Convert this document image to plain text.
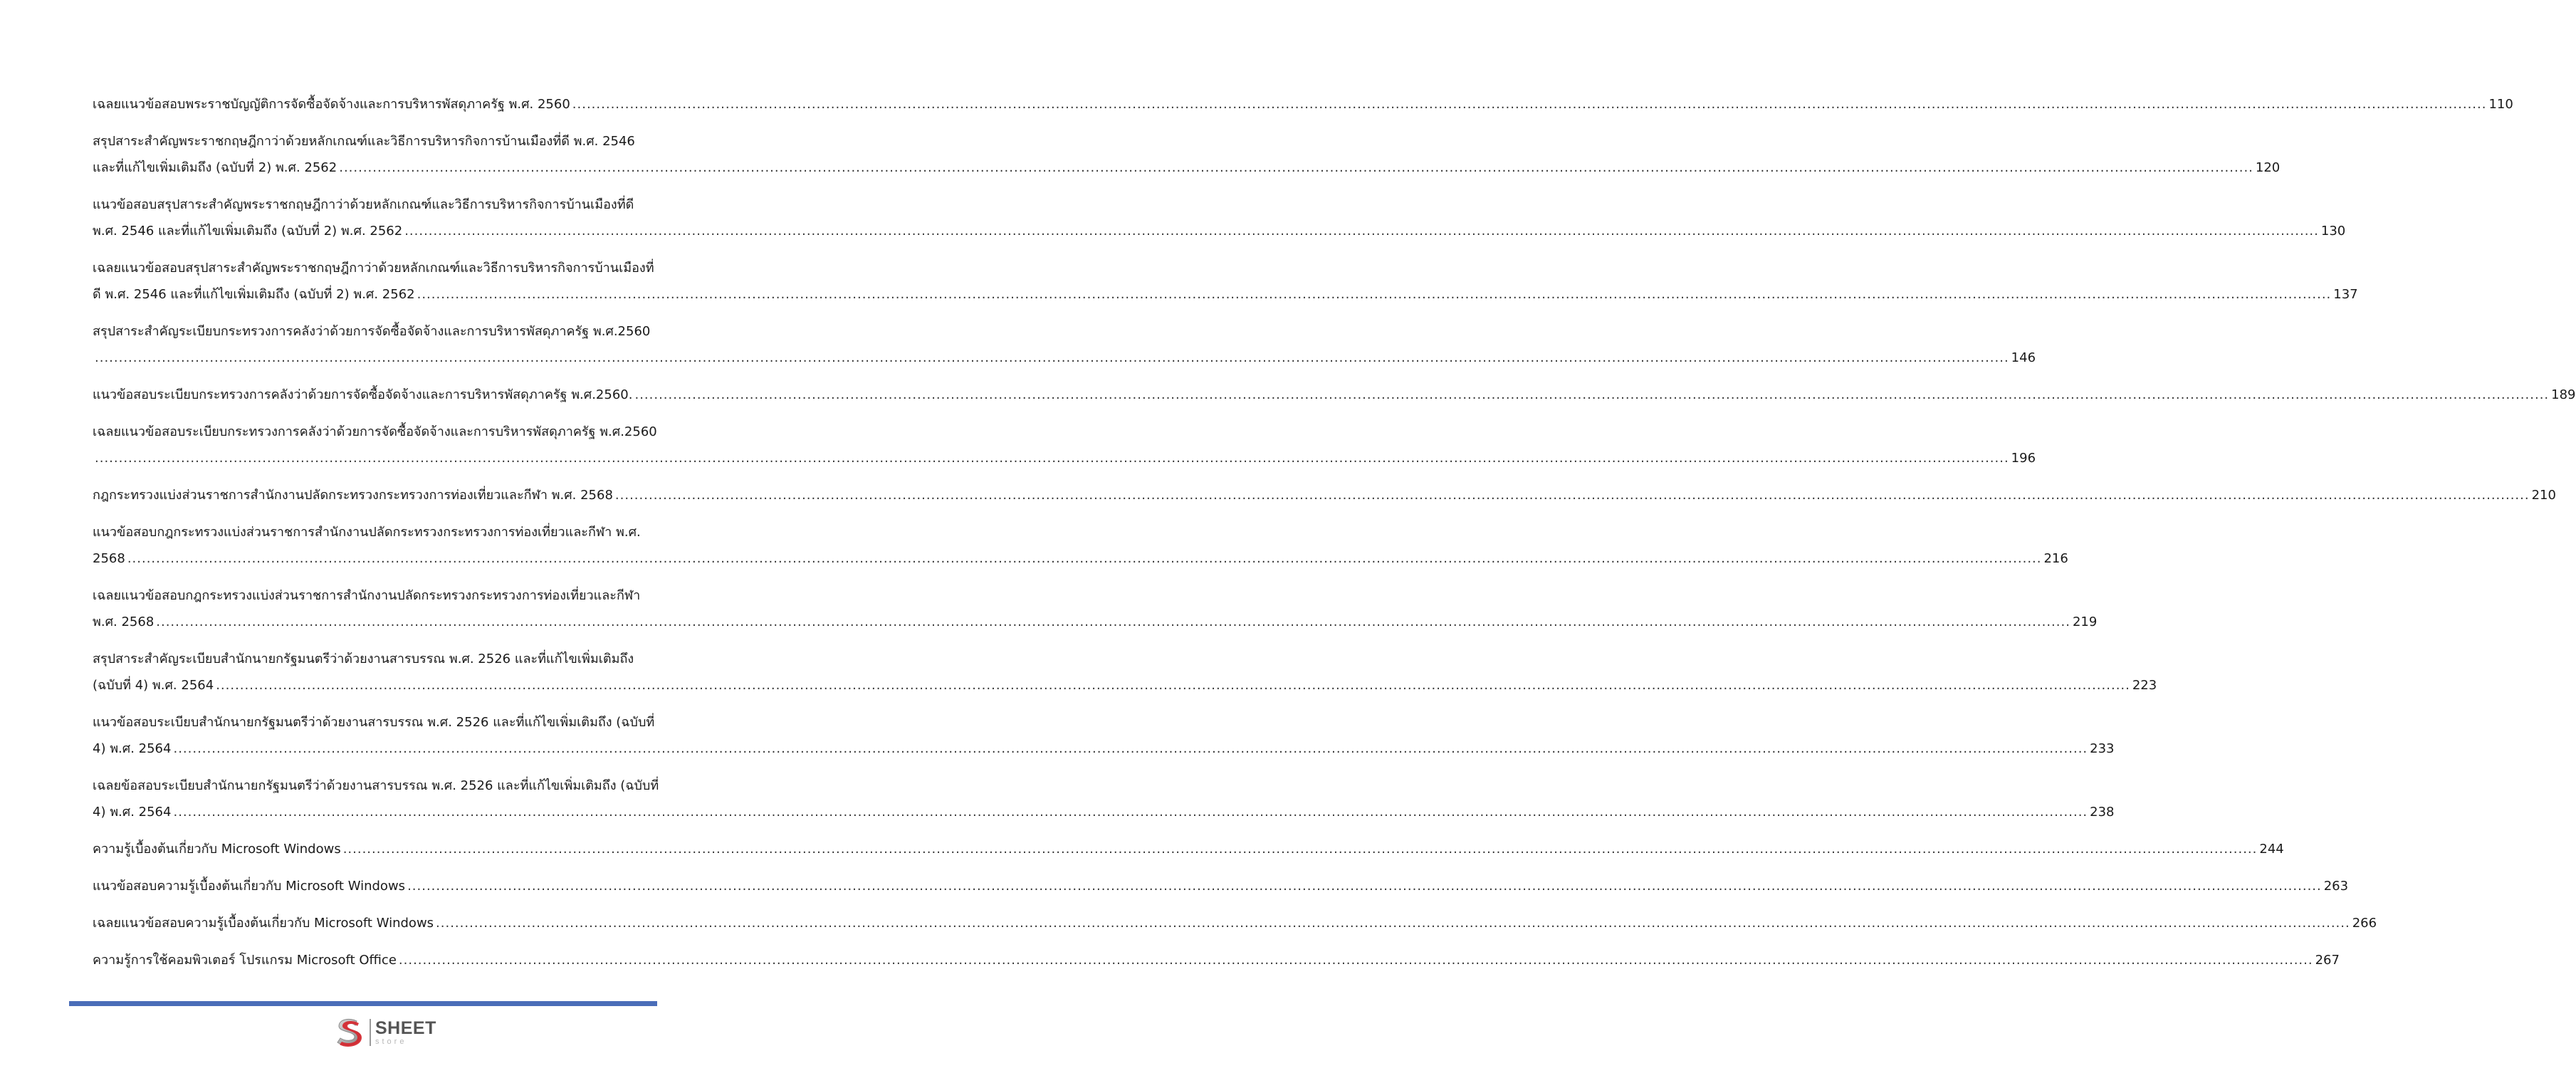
เฉลยแนวข้อสอบพระราชบัญญัติการจัดซื้อจัดจ้างและการบริหารพัสดุภาครัฐ พ.ศ. 2560 ................................................................................................................................................................................................................................................................................................................................................................................................................ 110
สรุปสาระสำคัญพระราชกฤษฎีกาว่าด้วยหลักเกณฑ์และวิธีการบริหารกิจการบ้านเมืองที่ดี พ.ศ. 2546
และที่แก้ไขเพิ่มเติมถึง (ฉบับที่ 2) พ.ศ. 2562 ................................................................................................................................................................................................................................................................................................................................................................................................................ 120
แนวข้อสอบสรุปสาระสำคัญพระราชกฤษฎีกาว่าด้วยหลักเกณฑ์และวิธีการบริหารกิจการบ้านเมืองที่ดี
พ.ศ. 2546 และที่แก้ไขเพิ่มเติมถึง (ฉบับที่ 2) พ.ศ. 2562 ................................................................................................................................................................................................................................................................................................................................................................................................................ 130
เฉลยแนวข้อสอบสรุปสาระสำคัญพระราชกฤษฎีกาว่าด้วยหลักเกณฑ์และวิธีการบริหารกิจการบ้านเมืองที่
ดี พ.ศ. 2546 และที่แก้ไขเพิ่มเติมถึง (ฉบับที่ 2) พ.ศ. 2562 ................................................................................................................................................................................................................................................................................................................................................................................................................ 137
สรุปสาระสำคัญระเบียบกระทรวงการคลังว่าด้วยการจัดซื้อจัดจ้างและการบริหารพัสดุภาครัฐ พ.ศ.2560
................................................................................................................................................................................................................................................................................................................................................................................................................ 146
แนวข้อสอบระเบียบกระทรวงการคลังว่าด้วยการจัดซื้อจัดจ้างและการบริหารพัสดุภาครัฐ พ.ศ.2560. ................................................................................................................................................................................................................................................................................................................................................................................................................ 189
เฉลยแนวข้อสอบระเบียบกระทรวงการคลังว่าด้วยการจัดซื้อจัดจ้างและการบริหารพัสดุภาครัฐ พ.ศ.2560
................................................................................................................................................................................................................................................................................................................................................................................................................ 196
กฎกระทรวงแบ่งส่วนราชการสำนักงานปลัดกระทรวงกระทรวงการท่องเที่ยวและกีฬา พ.ศ. 2568 ................................................................................................................................................................................................................................................................................................................................................................................................................ 210
แนวข้อสอบกฎกระทรวงแบ่งส่วนราชการสำนักงานปลัดกระทรวงกระทรวงการท่องเที่ยวและกีฬา พ.ศ.
2568 ................................................................................................................................................................................................................................................................................................................................................................................................................ 216
เฉลยแนวข้อสอบกฎกระทรวงแบ่งส่วนราชการสำนักงานปลัดกระทรวงกระทรวงการท่องเที่ยวและกีฬา
พ.ศ. 2568 ................................................................................................................................................................................................................................................................................................................................................................................................................ 219
สรุปสาระสำคัญระเบียบสำนักนายกรัฐมนตรีว่าด้วยงานสารบรรณ พ.ศ. 2526 และที่แก้ไขเพิ่มเติมถึง
(ฉบับที่ 4) พ.ศ. 2564 ................................................................................................................................................................................................................................................................................................................................................................................................................ 223
แนวข้อสอบระเบียบสำนักนายกรัฐมนตรีว่าด้วยงานสารบรรณ พ.ศ. 2526 และที่แก้ไขเพิ่มเติมถึง (ฉบับที่
4) พ.ศ. 2564 ................................................................................................................................................................................................................................................................................................................................................................................................................ 233
เฉลยข้อสอบระเบียบสำนักนายกรัฐมนตรีว่าด้วยงานสารบรรณ พ.ศ. 2526 และที่แก้ไขเพิ่มเติมถึง (ฉบับที่
4) พ.ศ. 2564 ................................................................................................................................................................................................................................................................................................................................................................................................................ 238
ความรู้เบื้องต้นเกี่ยวกับ Microsoft Windows ................................................................................................................................................................................................................................................................................................................................................................................................................ 244
แนวข้อสอบความรู้เบื้องต้นเกี่ยวกับ Microsoft Windows ................................................................................................................................................................................................................................................................................................................................................................................................................ 263
เฉลยแนวข้อสอบความรู้เบื้องต้นเกี่ยวกับ Microsoft Windows ................................................................................................................................................................................................................................................................................................................................................................................................................ 266
ความรู้การใช้คอมพิวเตอร์ โปรแกรม Microsoft Office ................................................................................................................................................................................................................................................................................................................................................................................................................ 267
SHEET
store
